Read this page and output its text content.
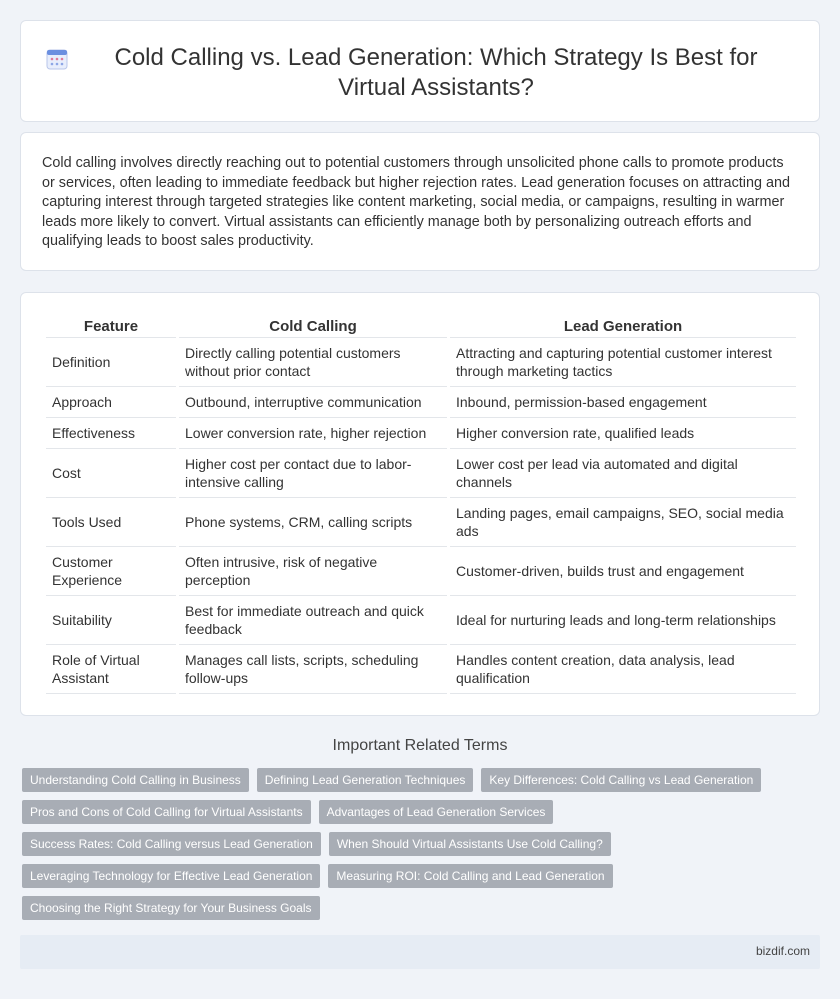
Cold Calling vs. Lead Generation: Which Strategy Is Best for Virtual Assistants?

Cold calling involves directly reaching out to potential customers through unsolicited phone calls to promote products or services, often leading to immediate feedback but higher rejection rates. Lead generation focuses on attracting and capturing interest through targeted strategies like content marketing, social media, or campaigns, resulting in warmer leads more likely to convert. Virtual assistants can efficiently manage both by personalizing outreach efforts and qualifying leads to boost sales productivity.

Feature	Cold Calling	Lead Generation
Definition	Directly calling potential customers without prior contact	Attracting and capturing potential customer interest through marketing tactics
Approach	Outbound, interruptive communication	Inbound, permission-based engagement
Effectiveness	Lower conversion rate, higher rejection	Higher conversion rate, qualified leads
Cost	Higher cost per contact due to labor-intensive calling	Lower cost per lead via automated and digital channels
Tools Used	Phone systems, CRM, calling scripts	Landing pages, email campaigns, SEO, social media ads
Customer Experience	Often intrusive, risk of negative perception	Customer-driven, builds trust and engagement
Suitability	Best for immediate outreach and quick feedback	Ideal for nurturing leads and long-term relationships
Role of Virtual Assistant	Manages call lists, scripts, scheduling follow-ups	Handles content creation, data analysis, lead qualification
Important Related Terms
Understanding Cold Calling in Business	Defining Lead Generation Techniques	Key Differences: Cold Calling vs Lead Generation
Pros and Cons of Cold Calling for Virtual Assistants	Advantages of Lead Generation Services
Success Rates: Cold Calling versus Lead Generation	When Should Virtual Assistants Use Cold Calling?
Leveraging Technology for Effective Lead Generation	Measuring ROI: Cold Calling and Lead Generation
Choosing the Right Strategy for Your Business Goals
bizdif.com
